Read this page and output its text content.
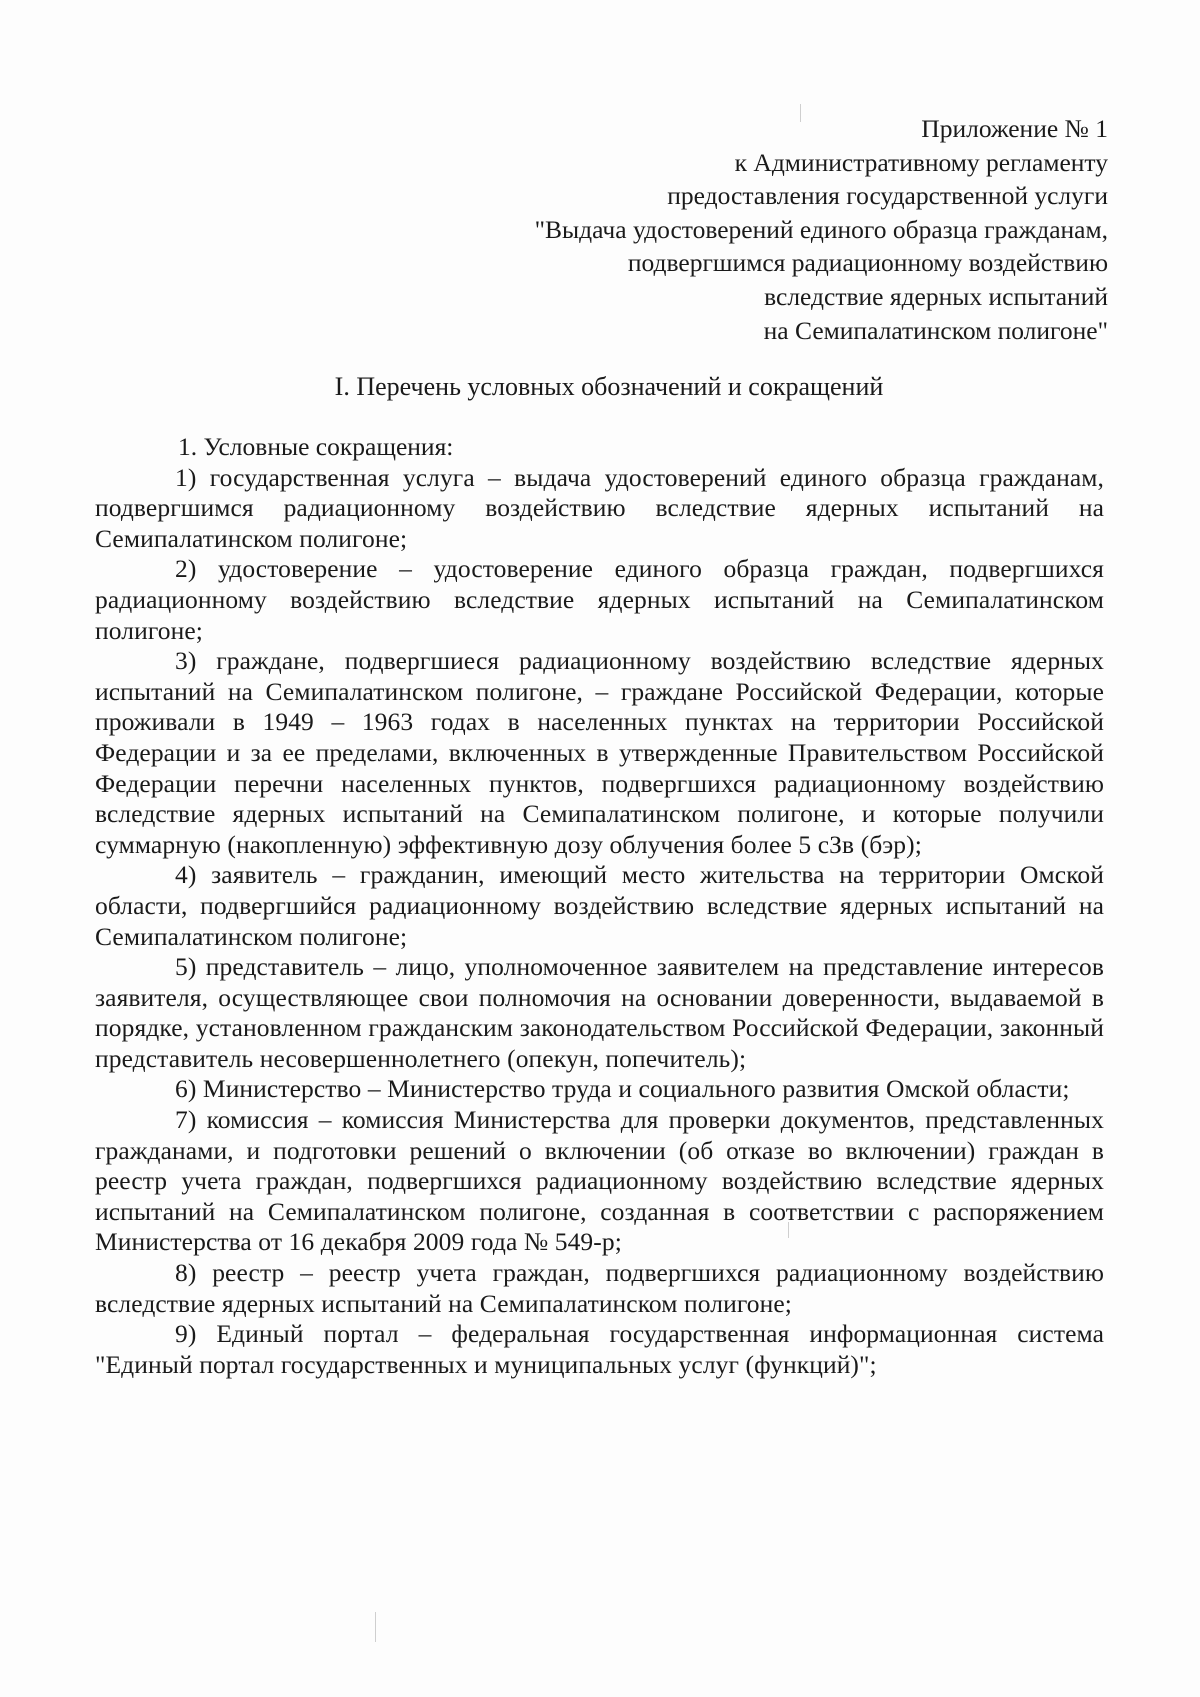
Приложение № 1
к Административному регламенту
предоставления государственной услуги
"Выдача удостоверений единого образца гражданам,
подвергшимся радиационному воздействию
вследствие ядерных испытаний
на Семипалатинском полигоне"
I. Перечень условных обозначений и сокращений

1. Условные сокращения:

1) государственная услуга – выдача удостоверений единого образца гражданам, подвергшимся радиационному воздействию вследствие ядерных испытаний на Семипалатинском полигоне;

2) удостоверение – удостоверение единого образца граждан, подвергшихся радиационному воздействию вследствие ядерных испытаний на Семипалатинском полигоне;

3) граждане, подвергшиеся радиационному воздействию вследствие ядерных испытаний на Семипалатинском полигоне, – граждане Российской Федерации, которые проживали в 1949 – 1963 годах в населенных пунктах на территории Российской Федерации и за ее пределами, включенных в утвержденные Правительством Российской Федерации перечни населенных пунктов, подвергшихся радиационному воздействию вследствие ядерных испытаний на Семипалатинском полигоне, и которые получили суммарную (накопленную) эффективную дозу облучения более 5 сЗв (бэр);

4) заявитель – гражданин, имеющий место жительства на территории Омской области, подвергшийся радиационному воздействию вследствие ядерных испытаний на Семипалатинском полигоне;

5) представитель – лицо, уполномоченное заявителем на представление интересов заявителя, осуществляющее свои полномочия на основании доверенности, выдаваемой в порядке, установленном гражданским законодательством Российской Федерации, законный представитель несовершеннолетнего (опекун, попечитель);

6) Министерство – Министерство труда и социального развития Омской области;

7) комиссия – комиссия Министерства для проверки документов, представленных гражданами, и подготовки решений о включении (об отказе во включении) граждан в реестр учета граждан, подвергшихся радиационному воздействию вследствие ядерных испытаний на Семипалатинском полигоне, созданная в соответствии с распоряжением Министерства от 16 декабря 2009 года № 549-р;

8) реестр – реестр учета граждан, подвергшихся радиационному воздействию вследствие ядерных испытаний на Семипалатинском полигоне;

9) Единый портал – федеральная государственная информационная система "Единый портал государственных и муниципальных услуг (функций)";
